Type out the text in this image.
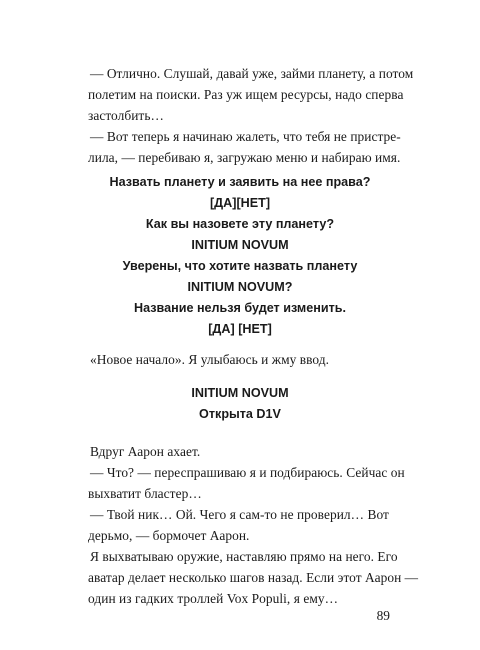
— Отлично. Слушай, давай уже, займи планету, а потом
полетим на поиски. Раз уж ищем ресурсы, надо сперва
застолбить…
— Вот теперь я начинаю жалеть, что тебя не пристре-
лила, — перебиваю я, загружаю меню и набираю имя.
Назвать планету и заявить на нее права?
[ДА][НЕТ]
Как вы назовете эту планету?
INITIUM NOVUM
Уверены, что хотите назвать планету
INITIUM NOVUM?
Название нельзя будет изменить.
[ДА] [НЕТ]
«Новое начало». Я улыбаюсь и жму ввод.
INITIUM NOVUM
Открыта D1V
Вдруг Аарон ахает.
— Что? — переспрашиваю я и подбираюсь. Сейчас он
выхватит бластер…
— Твой ник… Ой. Чего я сам-то не проверил… Вот
дерьмо, — бормочет Аарон.
Я выхватываю оружие, наставляю прямо на него. Его
аватар делает несколько шагов назад. Если этот Аарон —
один из гадких троллей Vox Populi, я ему…
89
